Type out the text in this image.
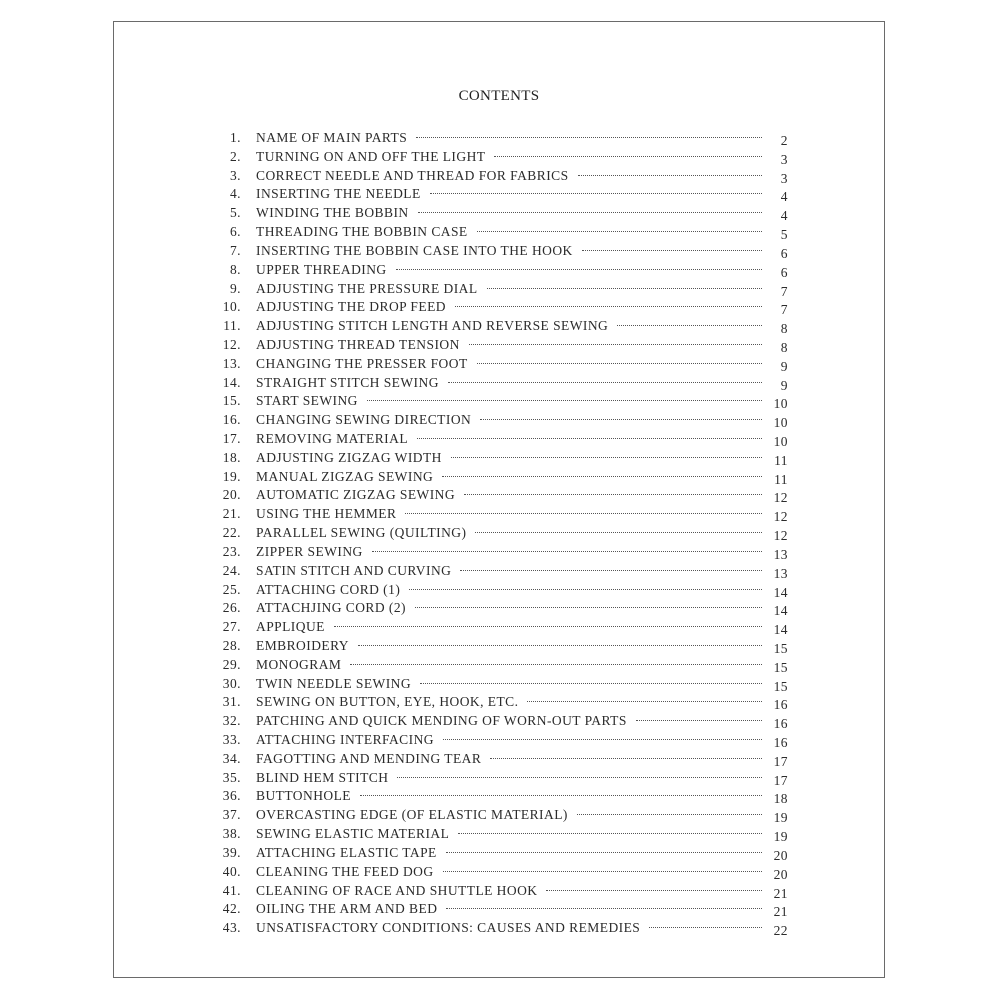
CONTENTS
1. NAME OF MAIN PARTS	2
2. TURNING ON AND OFF THE LIGHT	3
3. CORRECT NEEDLE AND THREAD FOR FABRICS	3
4. INSERTING THE NEEDLE	4
5. WINDING THE BOBBIN	4
6. THREADING THE BOBBIN CASE	5
7. INSERTING THE BOBBIN CASE INTO THE HOOK	6
8. UPPER THREADING	6
9. ADJUSTING THE PRESSURE DIAL	7
10. ADJUSTING THE DROP FEED	7
11. ADJUSTING STITCH LENGTH AND REVERSE SEWING	8
12. ADJUSTING THREAD TENSION	8
13. CHANGING THE PRESSER FOOT	9
14. STRAIGHT STITCH SEWING	9
15. START SEWING	10
16. CHANGING SEWING DIRECTION	10
17. REMOVING MATERIAL	10
18. ADJUSTING ZIGZAG WIDTH	11
19. MANUAL ZIGZAG SEWING	11
20. AUTOMATIC ZIGZAG SEWING	12
21. USING THE HEMMER	12
22. PARALLEL SEWING (QUILTING)	12
23. ZIPPER SEWING	13
24. SATIN STITCH AND CURVING	13
25. ATTACHING CORD (1)	14
26. ATTACHJING CORD (2)	14
27. APPLIQUE	14
28. EMBROIDERY	15
29. MONOGRAM	15
30. TWIN NEEDLE SEWING	15
31. SEWING ON BUTTON, EYE, HOOK, ETC.	16
32. PATCHING AND QUICK MENDING OF WORN-OUT PARTS	16
33. ATTACHING INTERFACING	16
34. FAGOTTING AND MENDING TEAR	17
35. BLIND HEM STITCH	17
36. BUTTONHOLE	18
37. OVERCASTING EDGE (OF ELASTIC MATERIAL)	19
38. SEWING ELASTIC MATERIAL	19
39. ATTACHING ELASTIC TAPE	20
40. CLEANING THE FEED DOG	20
41. CLEANING OF RACE AND SHUTTLE HOOK	21
42. OILING THE ARM AND BED	21
43. UNSATISFACTORY CONDITIONS: CAUSES AND REMEDIES	22
